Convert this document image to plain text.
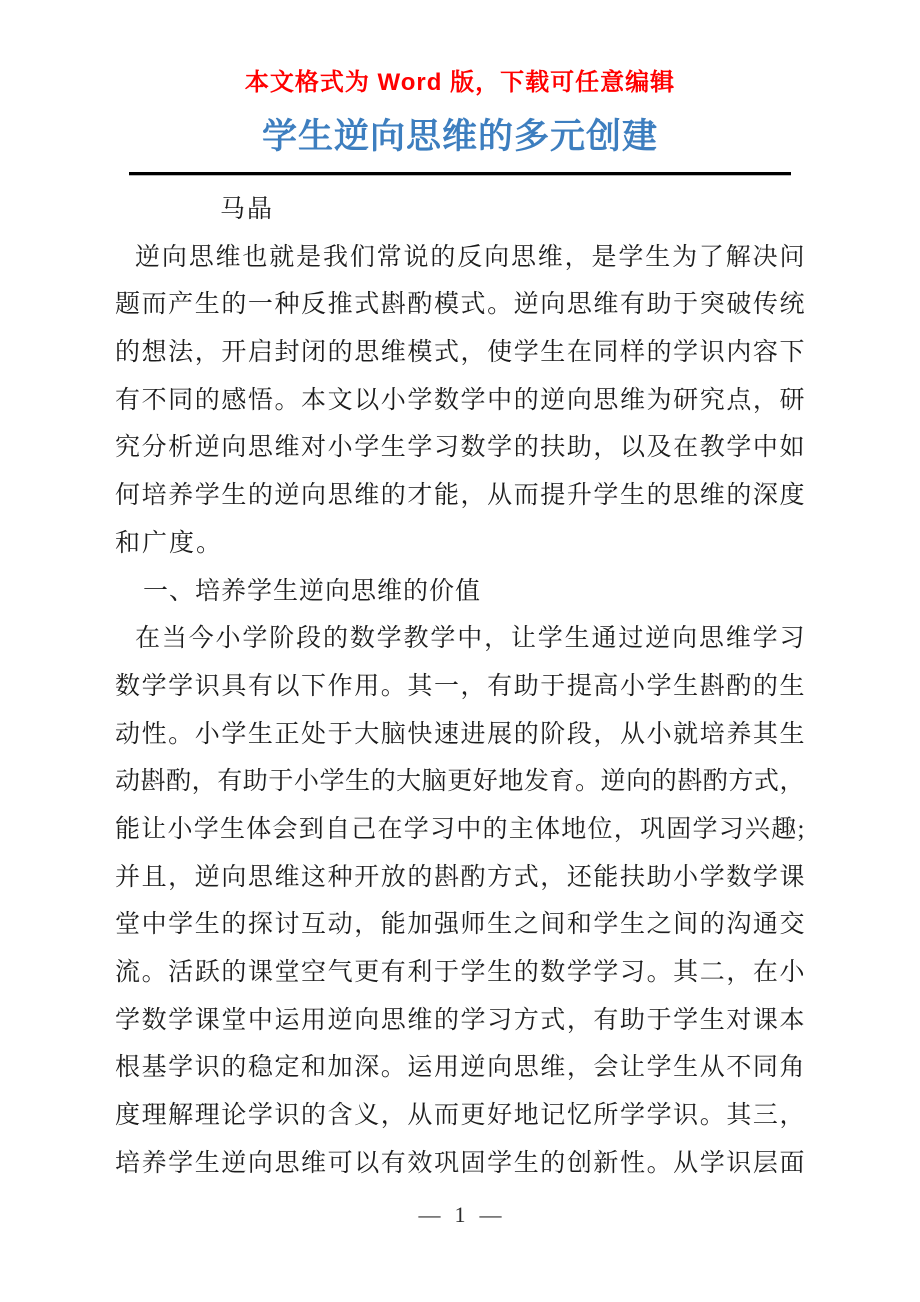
本文格式为 Word 版，下载可任意编辑
学生逆向思维的多元创建
马晶
逆向思维也就是我们常说的反向思维，是学生为了解决问
题而产生的一种反推式斟酌模式。逆向思维有助于突破传统
的想法，开启封闭的思维模式，使学生在同样的学识内容下
有不同的感悟。本文以小学数学中的逆向思维为研究点，研
究分析逆向思维对小学生学习数学的扶助，以及在教学中如
何培养学生的逆向思维的才能，从而提升学生的思维的深度
和广度。
一、培养学生逆向思维的价值
在当今小学阶段的数学教学中，让学生通过逆向思维学习
数学学识具有以下作用。其一，有助于提高小学生斟酌的生
动性。小学生正处于大脑快速进展的阶段，从小就培养其生
动斟酌，有助于小学生的大脑更好地发育。逆向的斟酌方式，
能让小学生体会到自己在学习中的主体地位，巩固学习兴趣;
并且，逆向思维这种开放的斟酌方式，还能扶助小学数学课
堂中学生的探讨互动，能加强师生之间和学生之间的沟通交
流。活跃的课堂空气更有利于学生的数学学习。其二，在小
学数学课堂中运用逆向思维的学习方式，有助于学生对课本
根基学识的稳定和加深。运用逆向思维，会让学生从不同角
度理解理论学识的含义，从而更好地记忆所学学识。其三，
培养学生逆向思维可以有效巩固学生的创新性。从学识层面
— 1 —
